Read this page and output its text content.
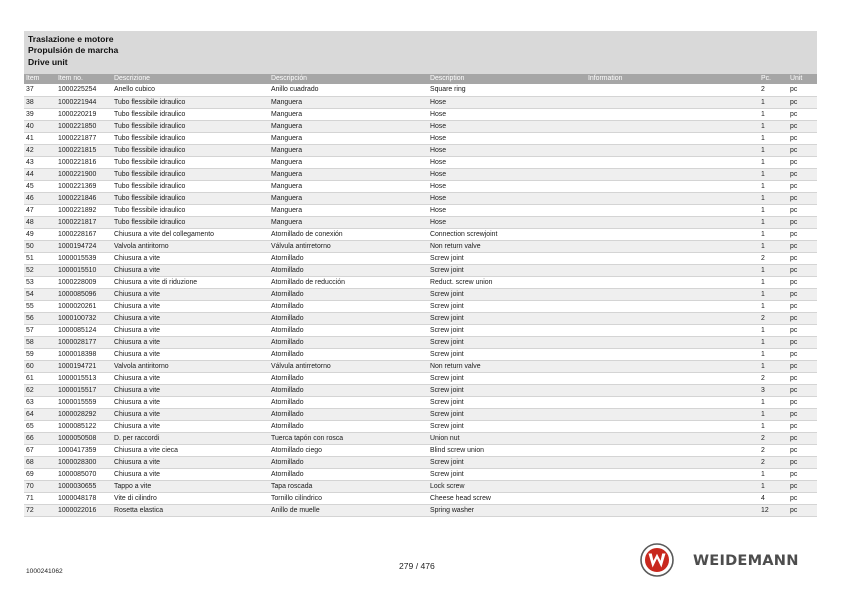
Traslazione e motore
Propulsión de marcha
Drive unit
Item	Item no.	Descrizione	Descripción	Description	Information	Pc.	Unit
37	1000225254	Anello cubico	Anillo cuadrado	Square ring		2	pc
38	1000221944	Tubo flessibile idraulico	Manguera	Hose		1	pc
39	1000220219	Tubo flessibile idraulico	Manguera	Hose		1	pc
40	1000221850	Tubo flessibile idraulico	Manguera	Hose		1	pc
41	1000221877	Tubo flessibile idraulico	Manguera	Hose		1	pc
42	1000221815	Tubo flessibile idraulico	Manguera	Hose		1	pc
43	1000221816	Tubo flessibile idraulico	Manguera	Hose		1	pc
44	1000221900	Tubo flessibile idraulico	Manguera	Hose		1	pc
45	1000221369	Tubo flessibile idraulico	Manguera	Hose		1	pc
46	1000221846	Tubo flessibile idraulico	Manguera	Hose		1	pc
47	1000221892	Tubo flessibile idraulico	Manguera	Hose		1	pc
48	1000221817	Tubo flessibile idraulico	Manguera	Hose		1	pc
49	1000228167	Chiusura a vite del collegamento	Atornillado de conexión	Connection screwjoint		1	pc
50	1000194724	Valvola antiritorno	Válvula antirretorno	Non return valve		1	pc
51	1000015539	Chiusura a vite	Atornillado	Screw joint		2	pc
52	1000015510	Chiusura a vite	Atornillado	Screw joint		1	pc
53	1000228009	Chiusura a vite di riduzione	Atornillado de reducción	Reduct. screw union		1	pc
54	1000085096	Chiusura a vite	Atornillado	Screw joint		1	pc
55	1000020261	Chiusura a vite	Atornillado	Screw joint		1	pc
56	1000100732	Chiusura a vite	Atornillado	Screw joint		2	pc
57	1000085124	Chiusura a vite	Atornillado	Screw joint		1	pc
58	1000028177	Chiusura a vite	Atornillado	Screw joint		1	pc
59	1000018398	Chiusura a vite	Atornillado	Screw joint		1	pc
60	1000194721	Valvola antiritorno	Válvula antirretorno	Non return valve		1	pc
61	1000015513	Chiusura a vite	Atornillado	Screw joint		2	pc
62	1000015517	Chiusura a vite	Atornillado	Screw joint		3	pc
63	1000015559	Chiusura a vite	Atornillado	Screw joint		1	pc
64	1000028292	Chiusura a vite	Atornillado	Screw joint		1	pc
65	1000085122	Chiusura a vite	Atornillado	Screw joint		1	pc
66	1000050508	D. per raccordi	Tuerca tapón con rosca	Union nut		2	pc
67	1000417359	Chiusura a vite cieca	Atornillado ciego	Blind screw union		2	pc
68	1000028300	Chiusura a vite	Atornillado	Screw joint		2	pc
69	1000085070	Chiusura a vite	Atornillado	Screw joint		1	pc
70	1000030655	Tappo a vite	Tapa roscada	Lock screw		1	pc
71	1000048178	Vite di cilindro	Tornillo cilíndrico	Cheese head screw		4	pc
72	1000022016	Rosetta elastica	Anillo de muelle	Spring washer		12	pc
1000241062
279 / 476	WEIDEMANN
